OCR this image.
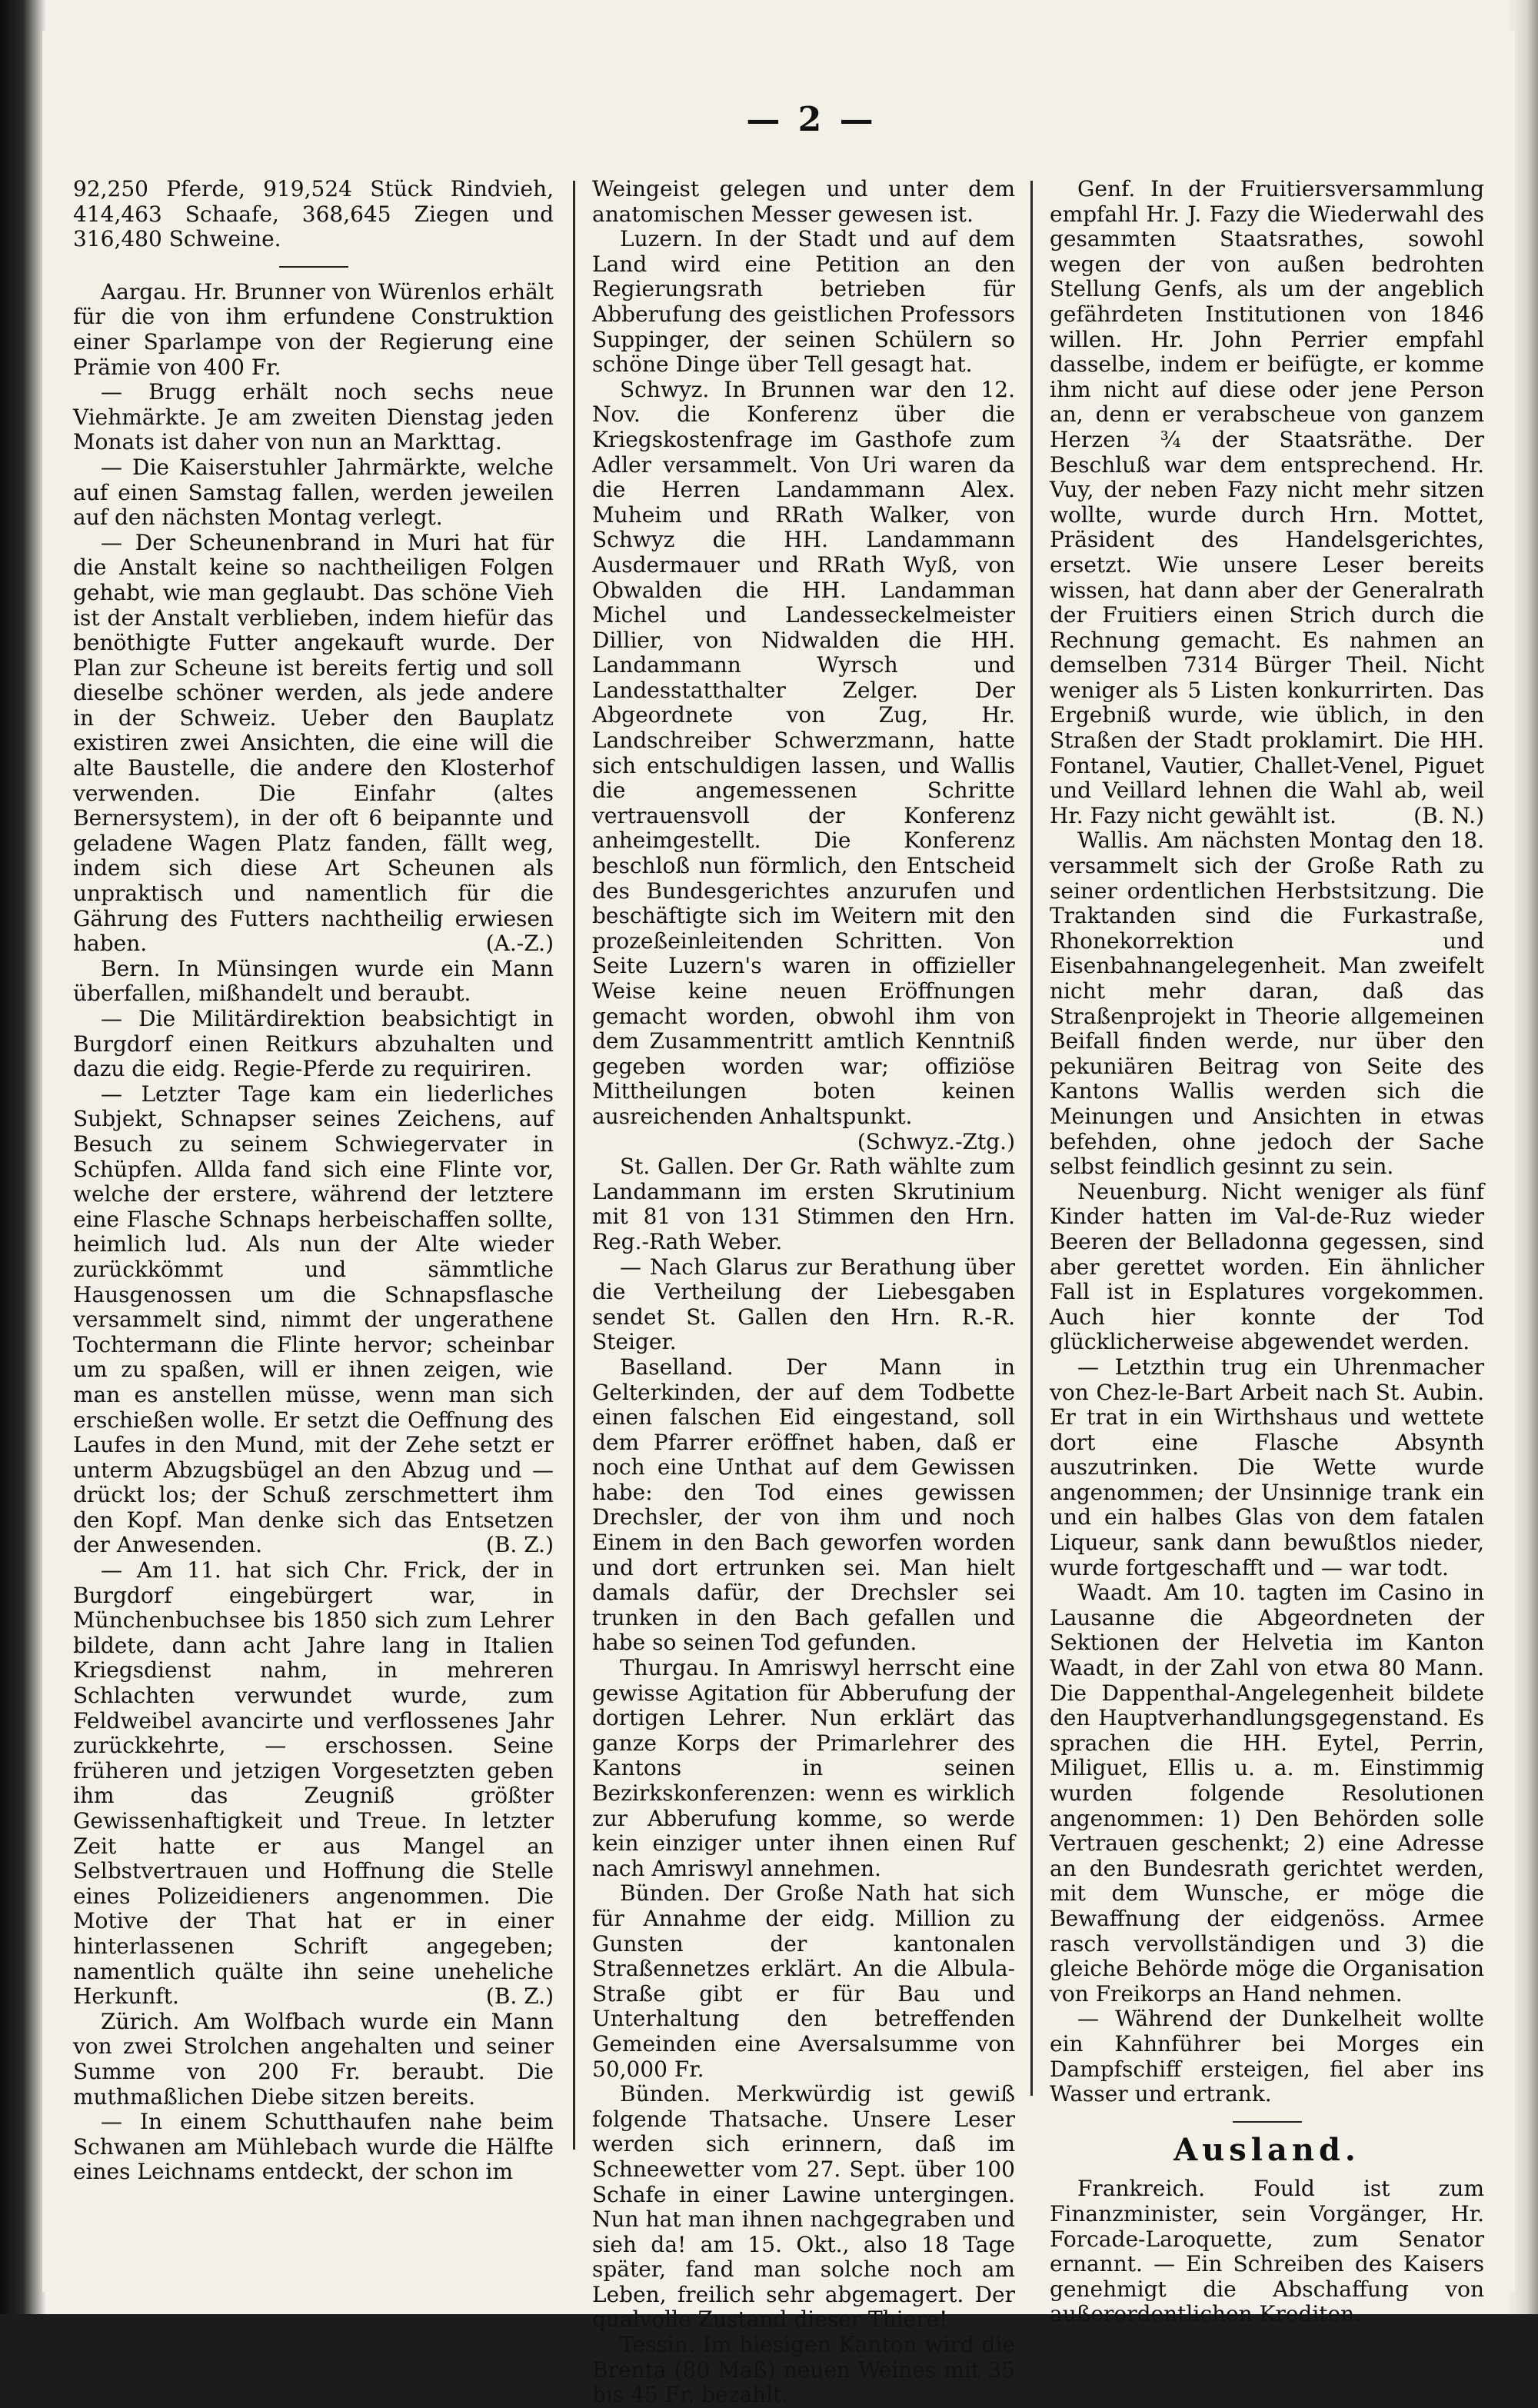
— 2 —

92,250 Pferde, 919,524 Stück Rindvieh, 414,463 Schaafe, 368,645 Ziegen und 316,480 Schweine.

Aargau. Hr. Brunner von Würenlos erhält für die von ihm erfundene Construktion einer Sparlampe von der Regierung eine Prämie von 400 Fr.

— Brugg erhält noch sechs neue Viehmärkte. Je am zweiten Dienstag jeden Monats ist daher von nun an Markttag.

— Die Kaiserstuhler Jahrmärkte, welche auf einen Samstag fallen, werden jeweilen auf den nächsten Montag verlegt.

— Der Scheunenbrand in Muri hat für die Anstalt keine so nachtheiligen Folgen gehabt, wie man geglaubt. Das schöne Vieh ist der Anstalt verblieben, indem hiefür das benöthigte Futter angekauft wurde. Der Plan zur Scheune ist bereits fertig und soll dieselbe schöner werden, als jede andere in der Schweiz. Ueber den Bauplatz existiren zwei Ansichten, die eine will die alte Baustelle, die andere den Klosterhof verwenden. Die Einfahr (altes Bernersystem), in der oft 6 beipannte und geladene Wagen Platz fanden, fällt weg, indem sich diese Art Scheunen als unpraktisch und namentlich für die Gährung des Futters nachtheilig erwiesen haben.	(A.-Z.)

Bern. In Münsingen wurde ein Mann überfallen, mißhandelt und beraubt.

— Die Militärdirektion beabsichtigt in Burgdorf einen Reitkurs abzuhalten und dazu die eidg. Regie-Pferde zu requiriren.

— Letzter Tage kam ein liederliches Subjekt, Schnapser seines Zeichens, auf Besuch zu seinem Schwiegervater in Schüpfen. Allda fand sich eine Flinte vor, welche der erstere, während der letztere eine Flasche Schnaps herbeischaffen sollte, heimlich lud. Als nun der Alte wieder zurückkömmt und sämmtliche Hausgenossen um die Schnapsflasche versammelt sind, nimmt der ungerathene Tochtermann die Flinte hervor; scheinbar um zu spaßen, will er ihnen zeigen, wie man es anstellen müsse, wenn man sich erschießen wolle. Er setzt die Oeffnung des Laufes in den Mund, mit der Zehe setzt er unterm Abzugsbügel an den Abzug und — drückt los; der Schuß zerschmettert ihm den Kopf. Man denke sich das Entsetzen der Anwesenden.	(B. Z.)

— Am 11. hat sich Chr. Frick, der in Burgdorf eingebürgert war, in Münchenbuchsee bis 1850 sich zum Lehrer bildete, dann acht Jahre lang in Italien Kriegsdienst nahm, in mehreren Schlachten verwundet wurde, zum Feldweibel avancirte und verflossenes Jahr zurückkehrte, — erschossen. Seine früheren und jetzigen Vorgesetzten geben ihm das Zeugniß größter Gewissenhaftigkeit und Treue. In letzter Zeit hatte er aus Mangel an Selbstvertrauen und Hoffnung die Stelle eines Polizeidieners angenommen. Die Motive der That hat er in einer hinterlassenen Schrift angegeben; namentlich quälte ihn seine uneheliche Herkunft.	(B. Z.)

Zürich. Am Wolfbach wurde ein Mann von zwei Strolchen angehalten und seiner Summe von 200 Fr. beraubt. Die muthmaßlichen Diebe sitzen bereits.

— In einem Schutthaufen nahe beim Schwanen am Mühlebach wurde die Hälfte eines Leichnams entdeckt, der schon im

Weingeist gelegen und unter dem anatomischen Messer gewesen ist.

Luzern. In der Stadt und auf dem Land wird eine Petition an den Regierungsrath betrieben für Abberufung des geistlichen Professors Suppinger, der seinen Schülern so schöne Dinge über Tell gesagt hat.

Schwyz. In Brunnen war den 12. Nov. die Konferenz über die Kriegskostenfrage im Gasthofe zum Adler versammelt. Von Uri waren da die Herren Landammann Alex. Muheim und RRath Walker, von Schwyz die HH. Landammann Ausdermauer und RRath Wyß, von Obwalden die HH. Landamman Michel und Landesseckelmeister Dillier, von Nidwalden die HH. Landammann Wyrsch und Landesstatthalter Zelger. Der Abgeordnete von Zug, Hr. Landschreiber Schwerzmann, hatte sich entschuldigen lassen, und Wallis die angemessenen Schritte vertrauensvoll der Konferenz anheimgestellt. Die Konferenz beschloß nun förmlich, den Entscheid des Bundesgerichtes anzurufen und beschäftigte sich im Weitern mit den prozeßeinleitenden Schritten. Von Seite Luzern's waren in offizieller Weise keine neuen Eröffnungen gemacht worden, obwohl ihm von dem Zusammentritt amtlich Kenntniß gegeben worden war; offiziöse Mittheilungen boten keinen ausreichenden Anhaltspunkt.
(Schwyz.-Ztg.)

St. Gallen. Der Gr. Rath wählte zum Landammann im ersten Skrutinium mit 81 von 131 Stimmen den Hrn. Reg.-Rath Weber.

— Nach Glarus zur Berathung über die Vertheilung der Liebesgaben sendet St. Gallen den Hrn. R.-R. Steiger.

Baselland. Der Mann in Gelterkinden, der auf dem Todbette einen falschen Eid eingestand, soll dem Pfarrer eröffnet haben, daß er noch eine Unthat auf dem Gewissen habe: den Tod eines gewissen Drechsler, der von ihm und noch Einem in den Bach geworfen worden und dort ertrunken sei. Man hielt damals dafür, der Drechsler sei trunken in den Bach gefallen und habe so seinen Tod gefunden.

Thurgau. In Amriswyl herrscht eine gewisse Agitation für Abberufung der dortigen Lehrer. Nun erklärt das ganze Korps der Primarlehrer des Kantons in seinen Bezirkskonferenzen: wenn es wirklich zur Abberufung komme, so werde kein einziger unter ihnen einen Ruf nach Amriswyl annehmen.

Bünden. Der Große Nath hat sich für Annahme der eidg. Million zu Gunsten der kantonalen Straßennetzes erklärt. An die Albula-Straße gibt er für Bau und Unterhaltung den betreffenden Gemeinden eine Aversalsumme von 50,000 Fr.

Bünden. Merkwürdig ist gewiß folgende Thatsache. Unsere Leser werden sich erinnern, daß im Schneewetter vom 27. Sept. über 100 Schafe in einer Lawine untergingen. Nun hat man ihnen nachgegraben und sieh da! am 15. Okt., also 18 Tage später, fand man solche noch am Leben, freilich sehr abgemagert. Der qualvolle Zustand dieser Thiere!

Tessin. Im hiesigen Kanton wird die Brenta (80 Maß) neuen Weines mit 35 bis 45 Fr. bezahlt.

Genf. In der Fruitiersversammlung empfahl Hr. J. Fazy die Wiederwahl des gesammten Staatsrathes, sowohl wegen der von außen bedrohten Stellung Genfs, als um der angeblich gefährdeten Institutionen von 1846 willen. Hr. John Perrier empfahl dasselbe, indem er beifügte, er komme ihm nicht auf diese oder jene Person an, denn er verabscheue von ganzem Herzen ¾ der Staatsräthe. Der Beschluß war dem entsprechend. Hr. Vuy, der neben Fazy nicht mehr sitzen wollte, wurde durch Hrn. Mottet, Präsident des Handelsgerichtes, ersetzt. Wie unsere Leser bereits wissen, hat dann aber der Generalrath der Fruitiers einen Strich durch die Rechnung gemacht. Es nahmen an demselben 7314 Bürger Theil. Nicht weniger als 5 Listen konkurrirten. Das Ergebniß wurde, wie üblich, in den Straßen der Stadt proklamirt. Die HH. Fontanel, Vautier, Challet-Venel, Piguet und Veillard lehnen die Wahl ab, weil Hr. Fazy nicht gewählt ist.	(B. N.)

Wallis. Am nächsten Montag den 18. versammelt sich der Große Rath zu seiner ordentlichen Herbstsitzung. Die Traktanden sind die Furkastraße, Rhonekorrektion und Eisenbahnangelegenheit. Man zweifelt nicht mehr daran, daß das Straßenprojekt in Theorie allgemeinen Beifall finden werde, nur über den pekuniären Beitrag von Seite des Kantons Wallis werden sich die Meinungen und Ansichten in etwas befehden, ohne jedoch der Sache selbst feindlich gesinnt zu sein.

Neuenburg. Nicht weniger als fünf Kinder hatten im Val-de-Ruz wieder Beeren der Belladonna gegessen, sind aber gerettet worden. Ein ähnlicher Fall ist in Esplatures vorgekommen. Auch hier konnte der Tod glücklicherweise abgewendet werden.

— Letzthin trug ein Uhrenmacher von Chez-le-Bart Arbeit nach St. Aubin. Er trat in ein Wirthshaus und wettete dort eine Flasche Absynth auszutrinken. Die Wette wurde angenommen; der Unsinnige trank ein und ein halbes Glas von dem fatalen Liqueur, sank dann bewußtlos nieder, wurde fortgeschafft und — war todt.

Waadt. Am 10. tagten im Casino in Lausanne die Abgeordneten der Sektionen der Helvetia im Kanton Waadt, in der Zahl von etwa 80 Mann. Die Dappenthal-Angelegenheit bildete den Hauptverhandlungsgegenstand. Es sprachen die HH. Eytel, Perrin, Miliguet, Ellis u. a. m. Einstimmig wurden folgende Resolutionen angenommen: 1) Den Behörden solle Vertrauen geschenkt; 2) eine Adresse an den Bundesrath gerichtet werden, mit dem Wunsche, er möge die Bewaffnung der eidgenöss. Armee rasch vervollständigen und 3) die gleiche Behörde möge die Organisation von Freikorps an Hand nehmen.

— Während der Dunkelheit wollte ein Kahnführer bei Morges ein Dampfschiff ersteigen, fiel aber ins Wasser und ertrank.

Ausland.

Frankreich. Fould ist zum Finanzminister, sein Vorgänger, Hr. Forcade-Laroquette, zum Senator ernannt. — Ein Schreiben des Kaisers genehmigt die Abschaffung von außerordentlichen Krediten.
